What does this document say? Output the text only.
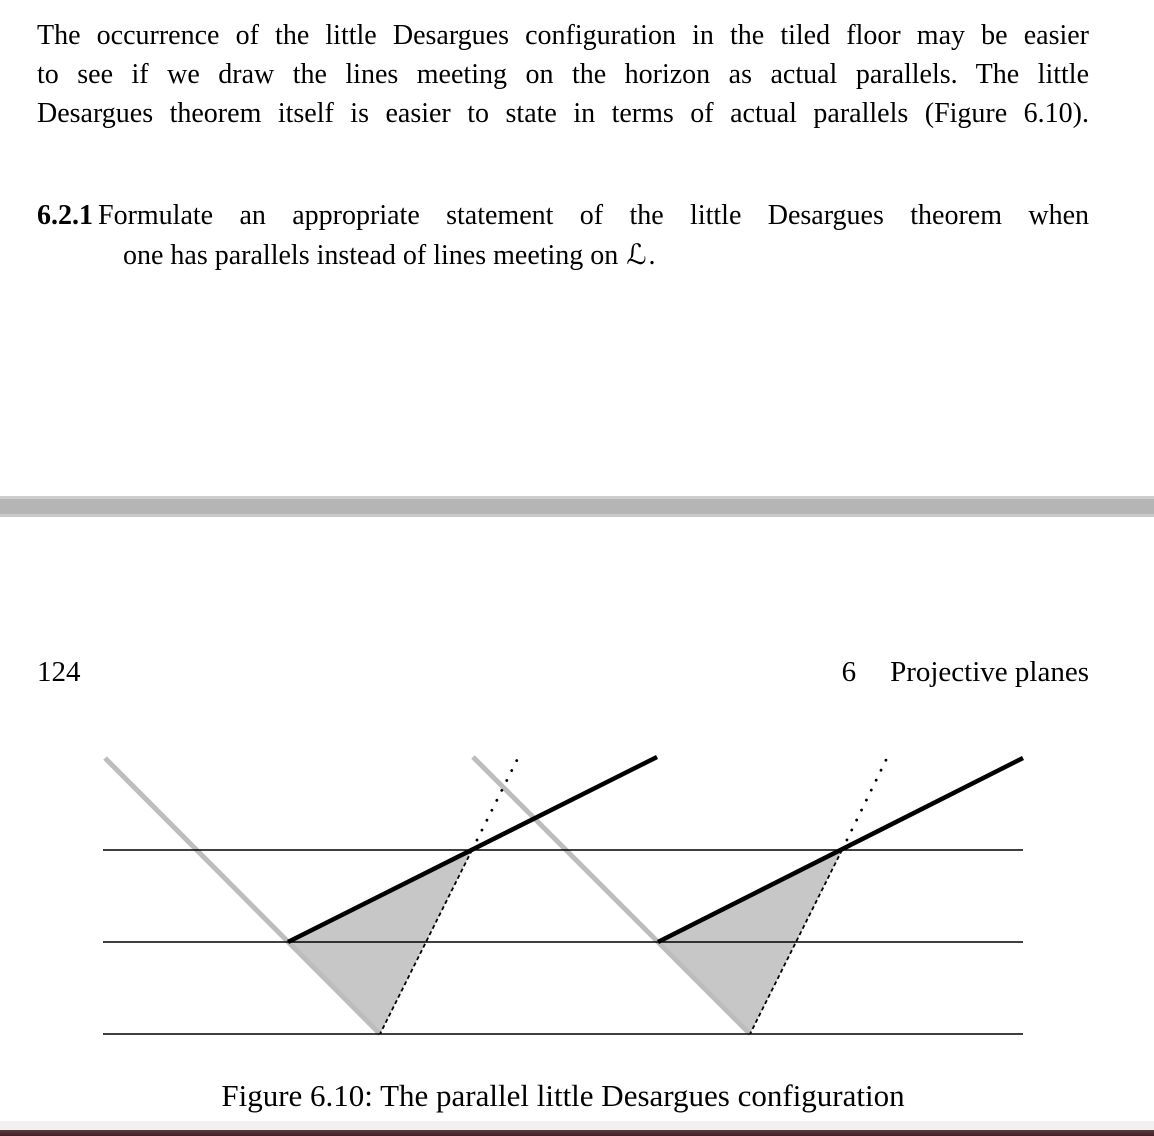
The occurrence of the little Desargues configuration in the tiled floor may be easier
to see if we draw the lines meeting on the horizon as actual parallels. The little
Desargues theorem itself is easier to state in terms of actual parallels (Figure 6.10).
6.2.1 Formulate an appropriate statement of the little Desargues theorem when
one has parallels instead of lines meeting on ℒ.
124	6 Projective planes
Figure 6.10: The parallel little Desargues configuration
